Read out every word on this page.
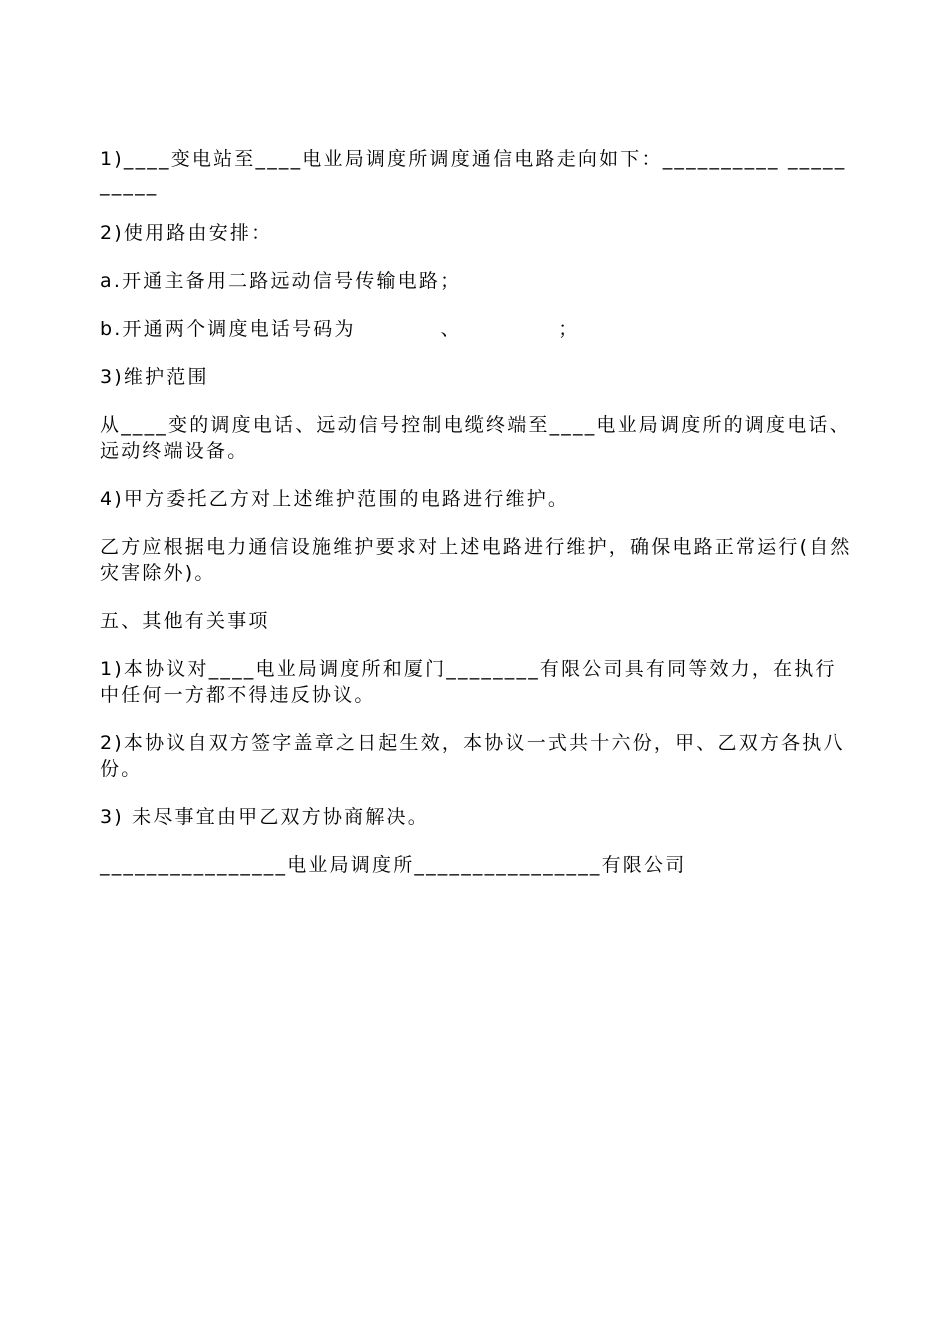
1)____变电站至____电业局调度所调度通信电路走向如下：__________ __________

2)使用路由安排：

a.开通主备用二路远动信号传输电路；

b.开通两个调度电话号码为　　　　、　　　　　；

3)维护范围

从____变的调度电话、远动信号控制电缆终端至____电业局调度所的调度电话、远动终端设备。

4)甲方委托乙方对上述维护范围的电路进行维护。

乙方应根据电力通信设施维护要求对上述电路进行维护，确保电路正常运行(自然灾害除外)。

五、其他有关事项

1)本协议对____电业局调度所和厦门________有限公司具有同等效力，在执行中任何一方都不得违反协议。

2)本协议自双方签字盖章之日起生效，本协议一式共十六份，甲、乙双方各执八份。

3) 未尽事宜由甲乙双方协商解决。

________________电业局调度所________________有限公司
